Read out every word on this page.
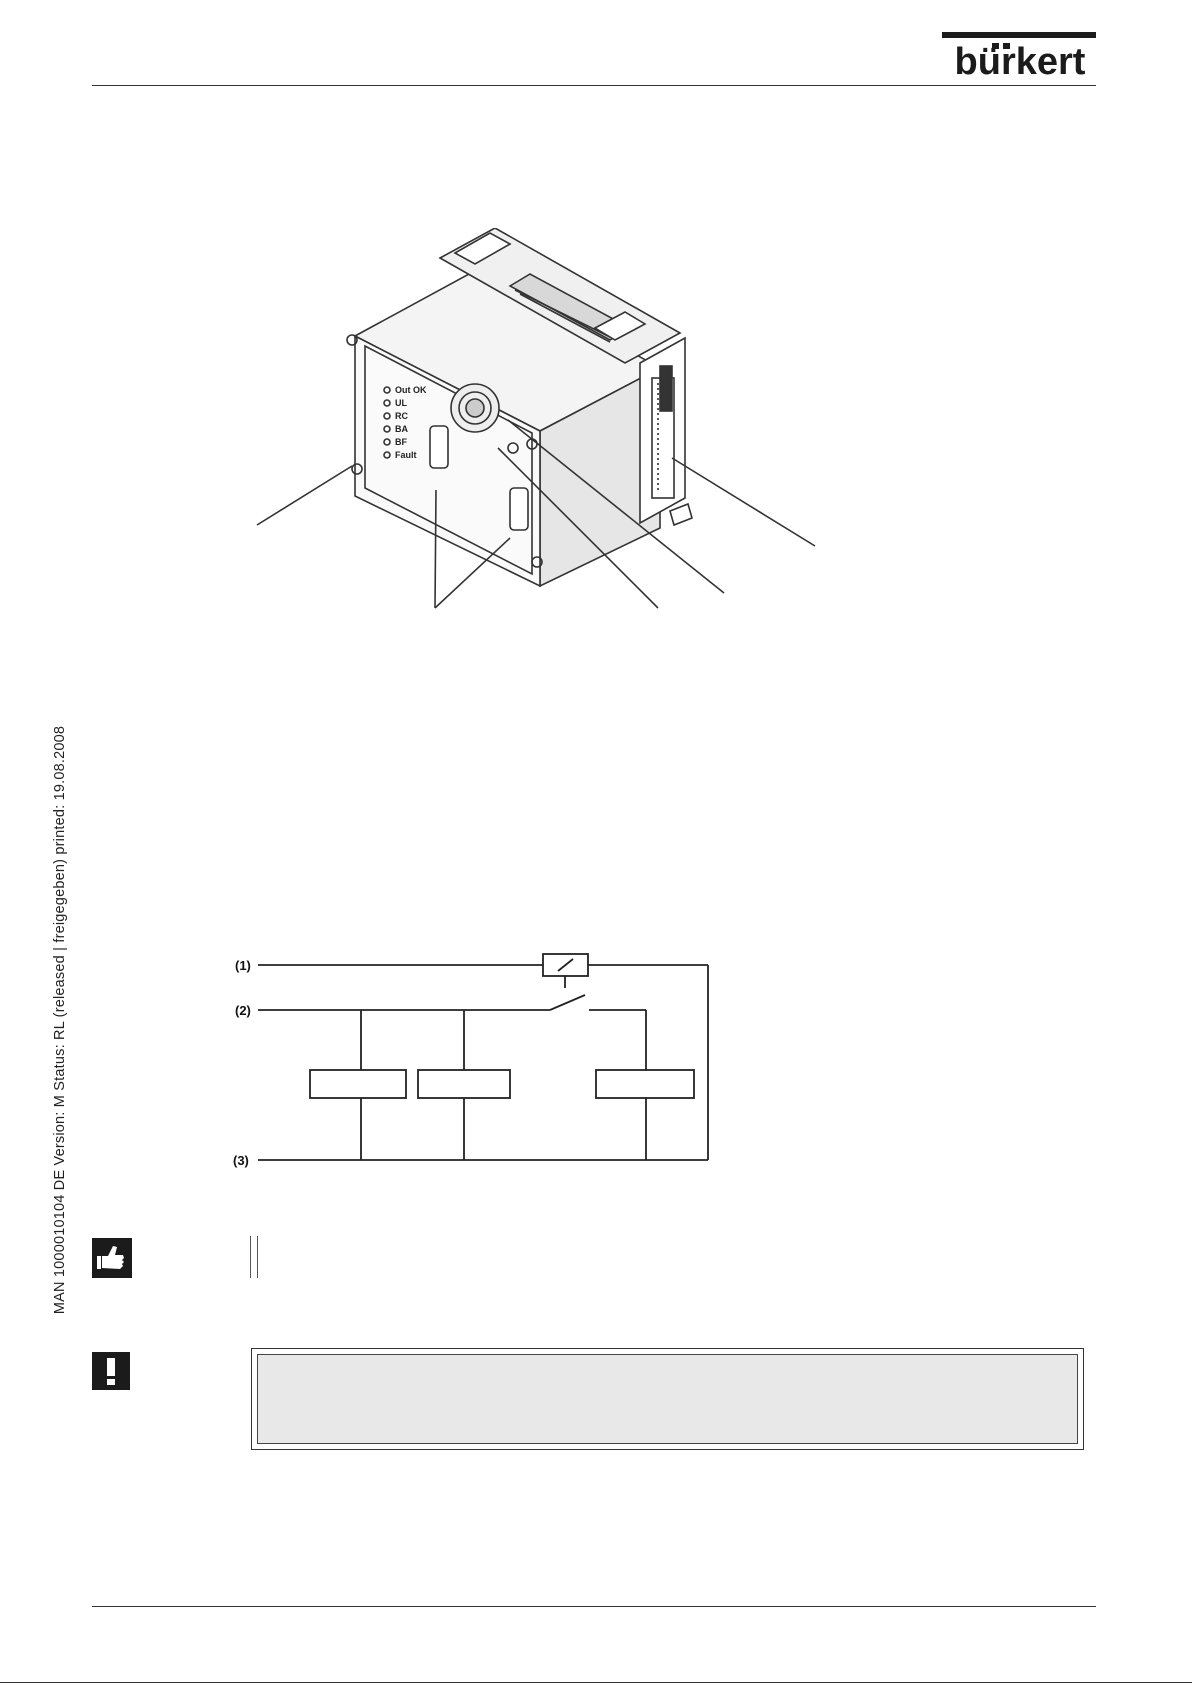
bürkert
MAN 1000010104 DE Version: M Status: RL (released | freigegeben) printed: 19.08.2008
Out OK
UL
RC
BA
BF
Fault
(1)
(2)
(3)
